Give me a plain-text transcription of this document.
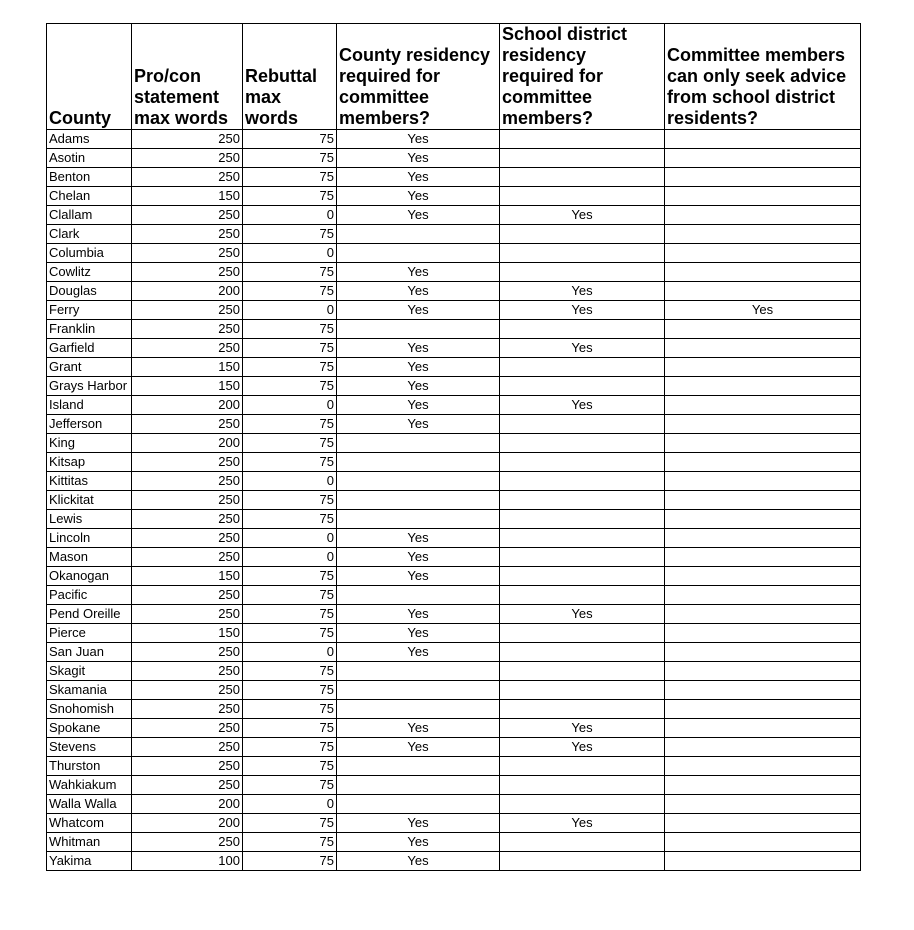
County	Pro/con statement max words	Rebuttal max words	County residency required for committee members?	School district residency required for committee members?	Committee members can only seek advice from school district residents?
Adams	250	75	Yes		
Asotin	250	75	Yes		
Benton	250	75	Yes		
Chelan	150	75	Yes		
Clallam	250	0	Yes	Yes	
Clark	250	75			
Columbia	250	0			
Cowlitz	250	75	Yes		
Douglas	200	75	Yes	Yes	
Ferry	250	0	Yes	Yes	Yes
Franklin	250	75			
Garfield	250	75	Yes	Yes	
Grant	150	75	Yes		
Grays Harbor	150	75	Yes		
Island	200	0	Yes	Yes	
Jefferson	250	75	Yes		
King	200	75			
Kitsap	250	75			
Kittitas	250	0			
Klickitat	250	75			
Lewis	250	75			
Lincoln	250	0	Yes		
Mason	250	0	Yes		
Okanogan	150	75	Yes		
Pacific	250	75			
Pend Oreille	250	75	Yes	Yes	
Pierce	150	75	Yes		
San Juan	250	0	Yes		
Skagit	250	75			
Skamania	250	75			
Snohomish	250	75			
Spokane	250	75	Yes	Yes	
Stevens	250	75	Yes	Yes	
Thurston	250	75			
Wahkiakum	250	75			
Walla Walla	200	0			
Whatcom	200	75	Yes	Yes	
Whitman	250	75	Yes		
Yakima	100	75	Yes		
